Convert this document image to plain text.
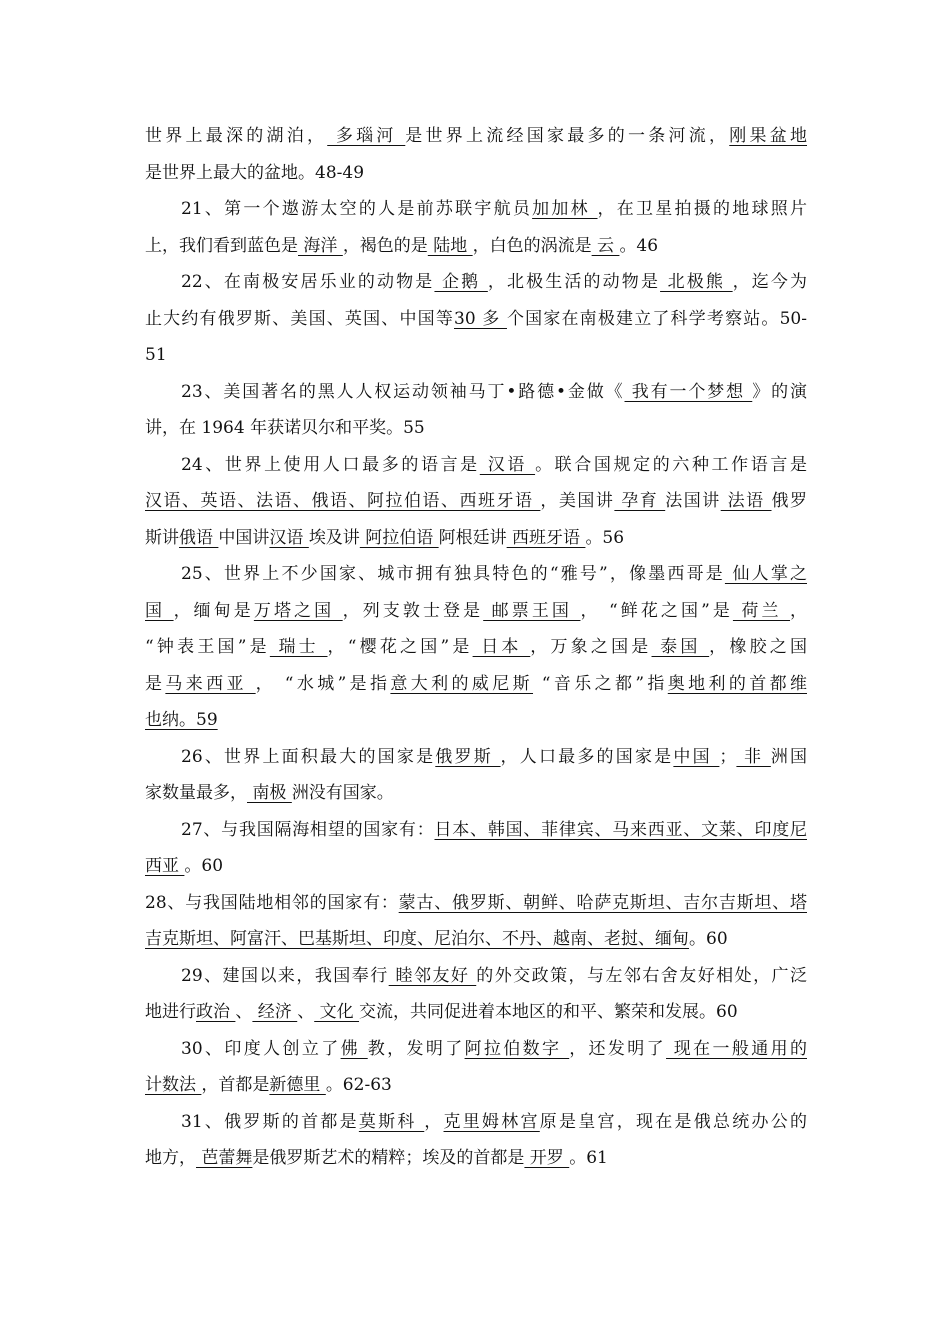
世界上最深的湖泊， 多瑙河 是世界上流经国家最多的一条河流，刚果盆地
是世界上最大的盆地。48-49
21、第一个遨游太空的人是前苏联宇航员加加林 ，在卫星拍摄的地球照片
上，我们看到蓝色是 海洋 ，褐色的是 陆地 ，白色的涡流是 云 。46
22、在南极安居乐业的动物是 企鹅 ，北极生活的动物是 北极熊 ，迄今为
止大约有俄罗斯、美国、英国、中国等30 多 个国家在南极建立了科学考察站。50-
51
23、美国著名的黑人人权运动领袖马丁•路德•金做《 我有一个梦想 》的演
讲，在 1964 年获诺贝尔和平奖。55
24、世界上使用人口最多的语言是 汉语 。联合国规定的六种工作语言是
汉语、英语、法语、俄语、阿拉伯语、西班牙语 ，美国讲 孕育 法国讲 法语 俄罗
斯讲俄语 中国讲汉语 埃及讲 阿拉伯语 阿根廷讲 西班牙语 。56
25、世界上不少国家、城市拥有独具特色的“雅号”，像墨西哥是 仙人掌之
国 ，缅甸是万塔之国 ，列支敦士登是 邮票王国 ， “鲜花之国”是 荷兰 ，
“钟表王国”是 瑞士 ，“樱花之国”是 日本 ，万象之国是 泰国 ，橡胶之国
是马来西亚 ， “水城”是指意大利的威尼斯 “音乐之都”指奥地利的首都维
也纳。59
26、世界上面积最大的国家是俄罗斯 ，人口最多的国家是中国 ； 非 洲国
家数量最多， 南极 洲没有国家。
27、与我国隔海相望的国家有：日本、韩国、菲律宾、马来西亚、文莱、印度尼
西亚 。60
28、与我国陆地相邻的国家有：蒙古、俄罗斯、朝鲜、哈萨克斯坦、吉尔吉斯坦、塔
吉克斯坦、阿富汗、巴基斯坦、印度、尼泊尔、不丹、越南、老挝、缅甸。60
29、建国以来，我国奉行 睦邻友好 的外交政策，与左邻右舍友好相处，广泛
地进行政治 、 经济 、 文化 交流，共同促进着本地区的和平、繁荣和发展。60
30、印度人创立了佛 教，发明了阿拉伯数字 ，还发明了 现在一般通用的
计数法 ，首都是新德里 。62-63
31、俄罗斯的首都是莫斯科 ，克里姆林宫原是皇宫，现在是俄总统办公的
地方， 芭蕾舞是俄罗斯艺术的精粹；埃及的首都是 开罗 。61
